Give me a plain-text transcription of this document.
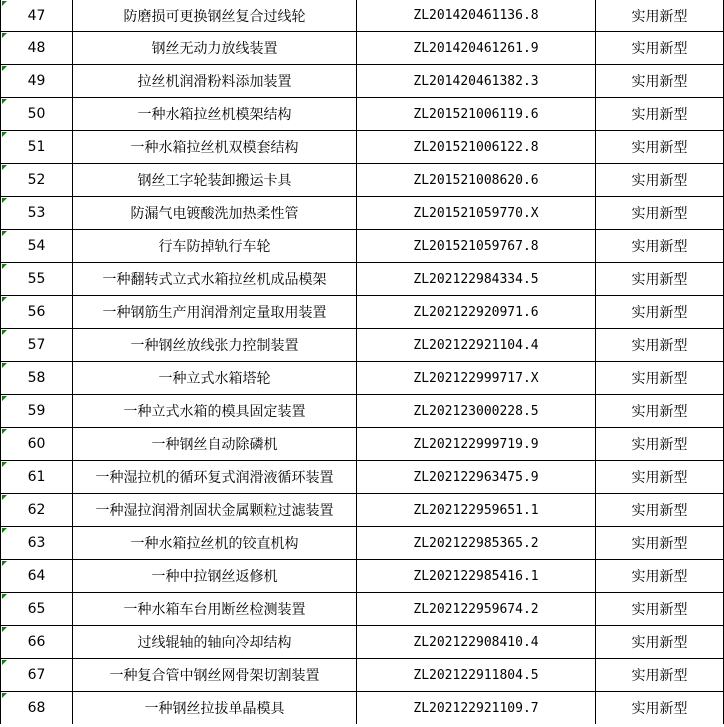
47	防磨损可更换钢丝复合过线轮	ZL201420461136.8	实用新型

48	钢丝无动力放线装置	ZL201420461261.9	实用新型

49	拉丝机润滑粉料添加装置	ZL201420461382.3	实用新型

50	一种水箱拉丝机模架结构	ZL201521006119.6	实用新型

51	一种水箱拉丝机双模套结构	ZL201521006122.8	实用新型

52	钢丝工字轮装卸搬运卡具	ZL201521008620.6	实用新型

53	防漏气电镀酸洗加热柔性管	ZL201521059770.X	实用新型

54	行车防掉轨行车轮	ZL201521059767.8	实用新型

55	一种翻转式立式水箱拉丝机成品模架	ZL202122984334.5	实用新型

56	一种钢筋生产用润滑剂定量取用装置	ZL202122920971.6	实用新型

57	一种钢丝放线张力控制装置	ZL202122921104.4	实用新型

58	一种立式水箱塔轮	ZL202122999717.X	实用新型

59	一种立式水箱的模具固定装置	ZL202123000228.5	实用新型

60	一种钢丝自动除磷机	ZL202122999719.9	实用新型

61	一种湿拉机的循环复式润滑液循环装置	ZL202122963475.9	实用新型

62	一种湿拉润滑剂固状金属颗粒过滤装置	ZL202122959651.1	实用新型

63	一种水箱拉丝机的铰直机构	ZL202122985365.2	实用新型

64	一种中拉钢丝返修机	ZL202122985416.1	实用新型

65	一种水箱车台用断丝检测装置	ZL202122959674.2	实用新型

66	过线辊轴的轴向冷却结构	ZL202122908410.4	实用新型

67	一种复合管中钢丝网骨架切割装置	ZL202122911804.5	实用新型

68	一种钢丝拉拔单晶模具	ZL202122921109.7	实用新型
